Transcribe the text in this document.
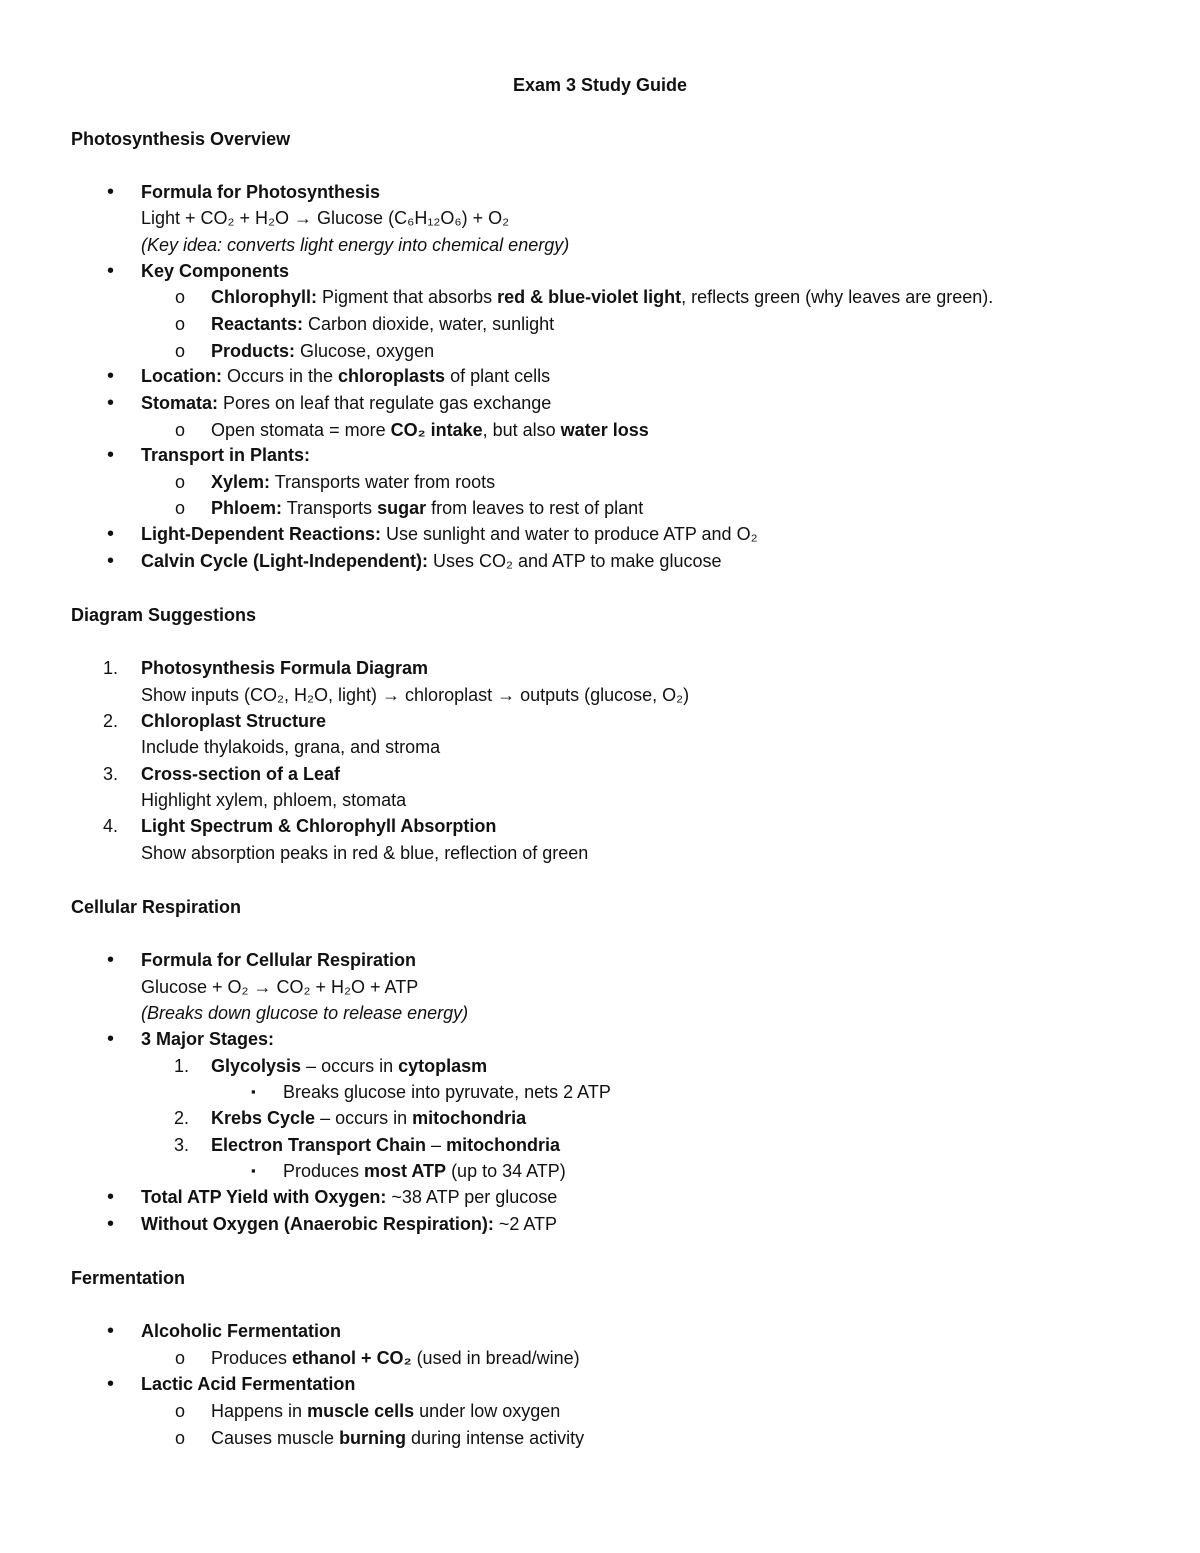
Exam 3 Study Guide
Photosynthesis Overview
•	Formula for Photosynthesis
Light + CO₂ + H₂O → Glucose (C₆H₁₂O₆) + O₂
(Key idea: converts light energy into chemical energy)
•	Key Components
o	Chlorophyll: Pigment that absorbs red & blue-violet light, reflects green (why leaves are green).
o	Reactants: Carbon dioxide, water, sunlight
o	Products: Glucose, oxygen
•	Location: Occurs in the chloroplasts of plant cells
•	Stomata: Pores on leaf that regulate gas exchange
o	Open stomata = more CO₂ intake, but also water loss
•	Transport in Plants:
o	Xylem: Transports water from roots
o	Phloem: Transports sugar from leaves to rest of plant
•	Light-Dependent Reactions: Use sunlight and water to produce ATP and O₂
•	Calvin Cycle (Light-Independent): Uses CO₂ and ATP to make glucose
Diagram Suggestions
1. Photosynthesis Formula Diagram
Show inputs (CO₂, H₂O, light) → chloroplast → outputs (glucose, O₂)
2. Chloroplast Structure
Include thylakoids, grana, and stroma
3. Cross-section of a Leaf
Highlight xylem, phloem, stomata
4. Light Spectrum & Chlorophyll Absorption
Show absorption peaks in red & blue, reflection of green
Cellular Respiration
•	Formula for Cellular Respiration
Glucose + O₂ → CO₂ + H₂O + ATP
(Breaks down glucose to release energy)
•	3 Major Stages:
1. Glycolysis – occurs in cytoplasm
▪	Breaks glucose into pyruvate, nets 2 ATP
2. Krebs Cycle – occurs in mitochondria
3. Electron Transport Chain – mitochondria
▪	Produces most ATP (up to 34 ATP)
•	Total ATP Yield with Oxygen: ~38 ATP per glucose
•	Without Oxygen (Anaerobic Respiration): ~2 ATP
Fermentation
•	Alcoholic Fermentation
o	Produces ethanol + CO₂ (used in bread/wine)
•	Lactic Acid Fermentation
o	Happens in muscle cells under low oxygen
o	Causes muscle burning during intense activity
